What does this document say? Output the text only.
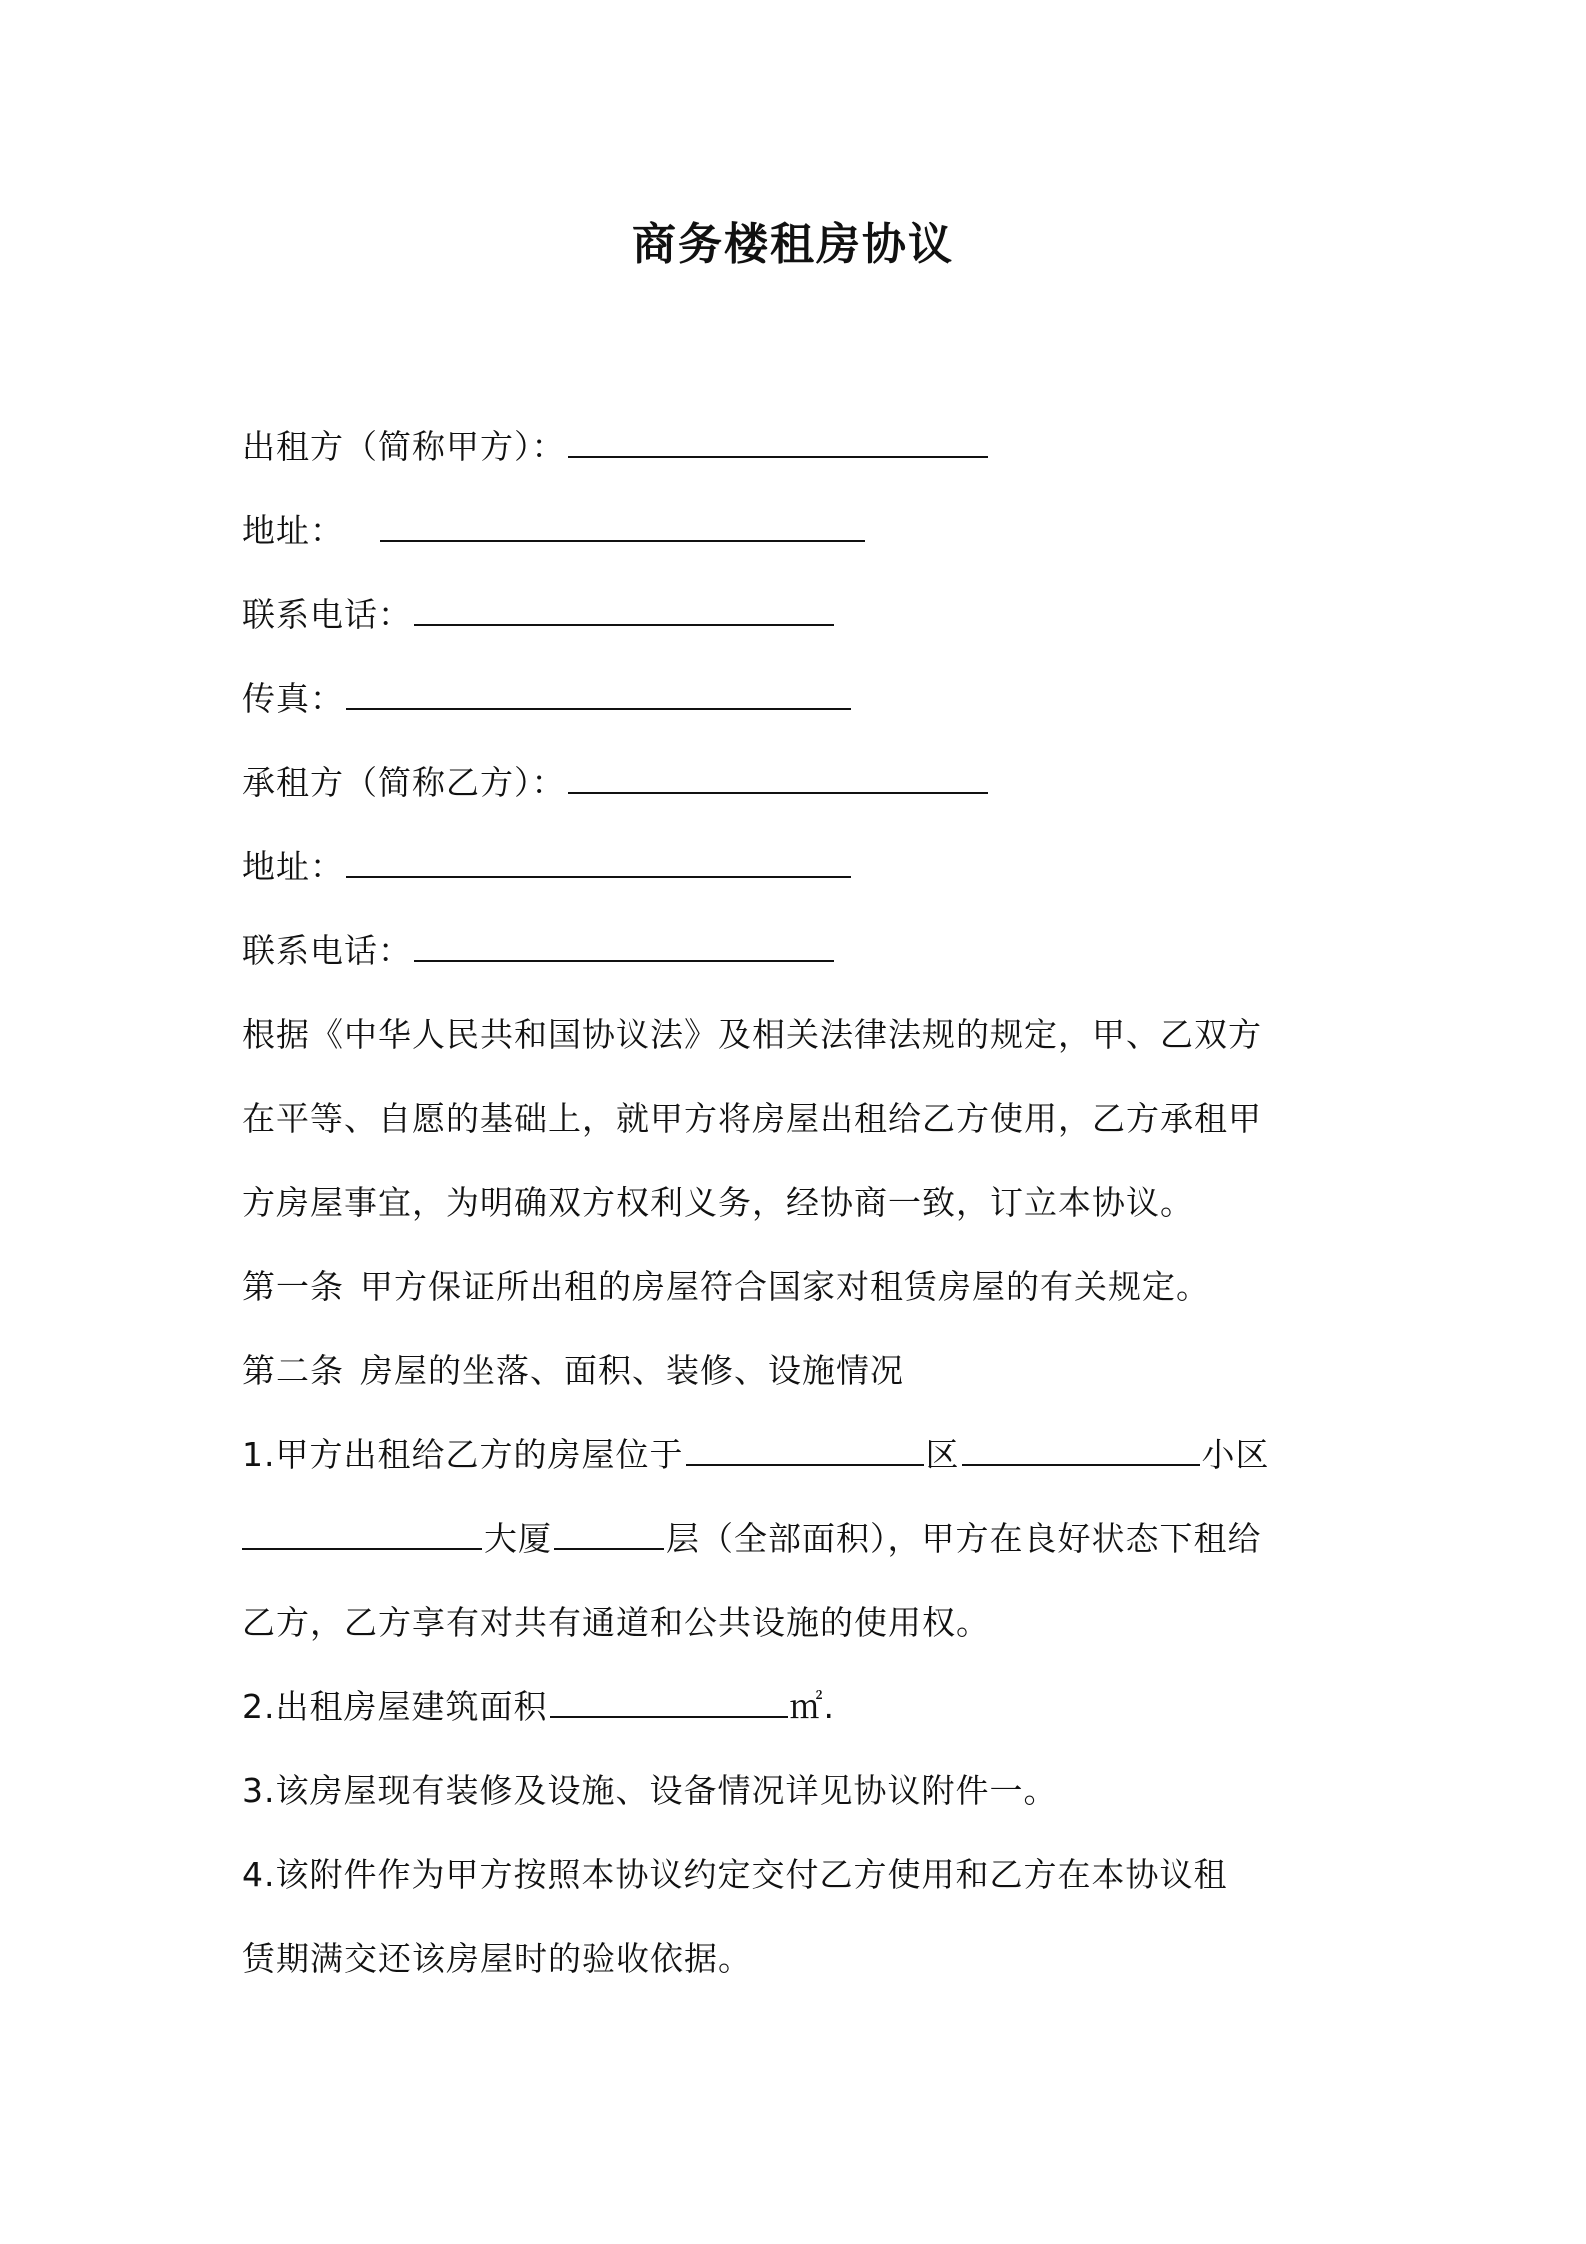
商务楼租房协议
出租方（简称甲方）：
地址：
联系电话：
传真：
承租方（简称乙方）：
地址：
联系电话：
根据《中华人民共和国协议法》及相关法律法规的规定，甲、乙双方
在平等、自愿的基础上，就甲方将房屋出租给乙方使用，乙方承租甲
方房屋事宜，为明确双方权利义务，经协商一致，订立本协议。
第一条 甲方保证所出租的房屋符合国家对租赁房屋的有关规定。
第二条 房屋的坐落、面积、装修、设施情况
1.甲方出租给乙方的房屋位于	区	小区
大厦	层（全部面积），甲方在良好状态下租给
乙方，乙方享有对共有通道和公共设施的使用权。
2.出租房屋建筑面积	㎡.
3.该房屋现有装修及设施、设备情况详见协议附件一。
4.该附件作为甲方按照本协议约定交付乙方使用和乙方在本协议租
赁期满交还该房屋时的验收依据。
